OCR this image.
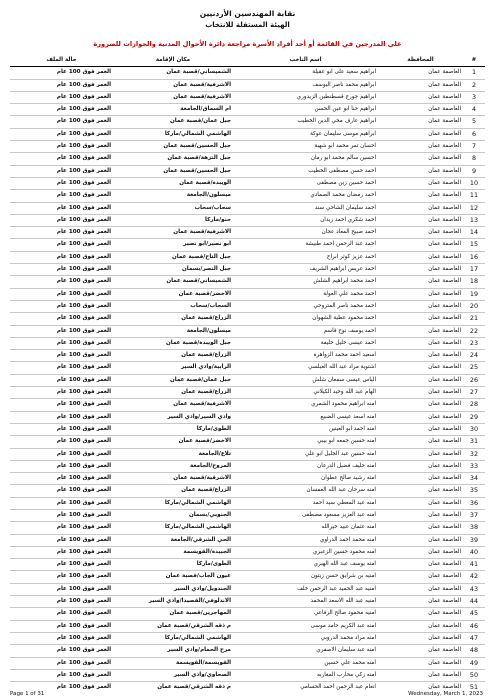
نقابة المهندسين الأردنيين
الهيئة المستقلة للانتخاب
على المدرجين في القائمة أو أحد أفراد الأسرة مراجعة دائرة الأحوال المدنية والجوازات للضرورة
#	المحافظة	اسم الناخب	مكان الإقامة	حالة الملف
1	العاصمة عمان	ابراهيم سعيد على ابو عقيلة	الشميساني/قصبة عمان	العمر فوق 100 عام
2	العاصمة عمان	ابراهيم محمد ناصر اليوسف	الاشرفية/قصبة عمان	العمر فوق 100 عام
3	العاصمة عمان	ابراهيم جورج قسطنطين الزيدوري	الاشرفية/قصبة عمان	العمر فوق 100 عام
4	العاصمة عمان	ابراهيم حنا ابو عين الحسن	ام السماق/الجامعة	العمر فوق 100 عام
5	العاصمة عمان	ابراهيم عارف محي الدين الخطيب	جبل عمان/قصبة عمان	العمر فوق 100 عام
6	العاصمة عمان	ابراهيم موسى سليمان عوكة	الهاشمي الشمالي/ماركا	العمر فوق 100 عام
7	العاصمة عمان	احسان تمر محمد ابو شهبة	جبل الحسين/قصبة عمان	العمر فوق 100 عام
8	العاصمة عمان	احسين سالم محمد ابو رمان	جبل النزهة/قصبة عمان	العمر فوق 100 عام
9	العاصمة عمان	احمد حسن مصطفى الخطيب	جبل الحسين/قصبة عمان	العمر فوق 100 عام
10	العاصمة عمان	احمد حسين زين مصطفى	الويبدة/قصبة عمان	العمر فوق 100 عام
11	العاصمة عمان	احمد رمضان محمد الصمادي	ميسلون/الجامعة	العمر فوق 100 عام
12	العاصمة عمان	احمد سليمان الشاحي سند	سحاب/سحاب	العمر فوق 100 عام
13	العاصمة عمان	احمد شكري احمد زيدان	حنو/ماركا	العمر فوق 100 عام
14	العاصمة عمان	احمد صبيح المعاد عجان	الاشرفية/قصبة عمان	العمر فوق 100 عام
15	العاصمة عمان	احمد عبد الرحمن احمد طبيشة	ابو نصير/ابو نصير	العمر فوق 100 عام
16	العاصمة عمان	احمد عزيز كوثر ابراح	جبل التاج/قصبة عمان	العمر فوق 100 عام
17	العاصمة عمان	احمد عريس ابراهيم الشريف	جبل النصر/بسمان	العمر فوق 100 عام
18	العاصمة عمان	احمد محمد ابراهيم الشلش	الشميساني/قصبة عمان	العمر فوق 100 عام
19	العاصمة عمان	احمد محمد علي العولة	الاخضر/قصبة عمان	العمر فوق 100 عام
20	العاصمة عمان	احمد محمد ناصر المتروحي	السحاب/سحاب	العمر فوق 100 عام
21	العاصمة عمان	احمد محمود عطية الشهوان	الزراع/قصبة عمان	العمر فوق 100 عام
22	العاصمة عمان	احمد يوسف نوح قاسم	ميسلون/الجامعة	العمر فوق 100 عام
23	العاصمة عمان	احمد عيسى خليل خليفة	جبل الويبدة/قصبة عمان	العمر فوق 100 عام
24	العاصمة عمان	اسعيد احمد محمد الزواهرة	الزراع/قصبة عمان	العمر فوق 100 عام
25	العاصمة عمان	اشتوية مراد عبد الله العبلسي	الرابية/وادي السير	العمر فوق 100 عام
26	العاصمة عمان	الياس عيسى سمعان شلش	جبل عمان/قصبة عمان	العمر فوق 100 عام
27	العاصمة عمان	الهام عبد الله وحيد الكيلاني	الزراع/قصبة عمان	العمر فوق 100 عام
28	العاصمة عمان	امنه ابراهيم محمود الشمري	الاشرفية/قصبة عمان	العمر فوق 100 عام
29	العاصمة عمان	امنه اسعد عيسى الضبيع	وادي السير/وادي السير	العمر فوق 100 عام
30	العاصمة عمان	امنه احمد ابو العينين	الطوى/ماركا	العمر فوق 100 عام
31	العاصمة عمان	امنه حسين جمعه ابو بيبي	الاخضر/قصبة عمان	العمر فوق 100 عام
32	العاصمة عمان	امنه حسين عبد الجليل ابو علي	تلاع/الجامعة	العمر فوق 100 عام
33	العاصمة عمان	امنه حليف فضيل الدرعان	المروج/الجامعة	العمر فوق 100 عام
34	العاصمة عمان	امنه رشيد صالح عطوان	الاشرفية/قصبة عمان	العمر فوق 100 عام
35	العاصمة عمان	امنه سرحان عبد الله العمسان	الزراع/قصبة عمان	العمر فوق 100 عام
36	العاصمة عمان	امنه عبد المعطي سيد احمد	الهاشمي الشمالي/ماركا	العمر فوق 100 عام
37	العاصمة عمان	امنه عبد العزيز مسعود مصطفى	الجنوبي/بسمان	العمر فوق 100 عام
38	العاصمة عمان	امنه عثمان عبيد خيرالله	الهاشمي الشمالي/ماركا	العمر فوق 100 عام
39	العاصمة عمان	امنه محمد احمد الدراوي	الحي الشرقي/الجامعة	العمر فوق 100 عام
40	العاصمة عمان	امنه محمود حسين الزعبري	الجبيدة/القويسمة	العمر فوق 100 عام
41	العاصمة عمان	امنه يوسف عبد الله الهبري	الطوى/ماركا	العمر فوق 100 عام
42	العاصمة عمان	امنيه بن شرايق حسن زيتون	عيون الجاب/قصبة عمان	العمر فوق 100 عام
43	العاصمة عمان	امنيه عبد الحميد عبد الرحمن خلف	الجندويل/وادي السير	العمر فوق 100 عام
44	العاصمة عمان	امنيه عبد الله الاسعد المحمد	الاندلوفي/القصيدا/وادي السير	العمر فوق 100 عام
45	العاصمة عمان	امنيه محمود صالح الرفاعي	المهاجرين/قصبة عمان	العمر فوق 100 عام
46	العاصمة عمان	امنه عبد الكريم حامد موسى	م ذقه الشرقي/قصبة عمان	العمر فوق 100 عام
47	العاصمة عمان	امنه مراد محمد الدروبي	الهاشمي الشمالي/ماركا	العمر فوق 100 عام
48	العاصمة عمان	امنه عبد سليمان الاصفري	مرج الحمام/وادي السير	العمر فوق 100 عام
49	العاصمة عمان	امنه محمد علي حسين	القويسمة/القويسمة	العمر فوق 100 عام
50	العاصمة عمان	امنه زكي محارب المغاربه	الصحاوي/وادي السير	العمر فوق 100 عام
51	العاصمة عمان	انعام عبد الرحمن احمد الحسامي	م ذقه الشرقي/قصبة عمان	العمر فوق 100 عام
Page 1 of 31	Wednesday, March 1, 2023
